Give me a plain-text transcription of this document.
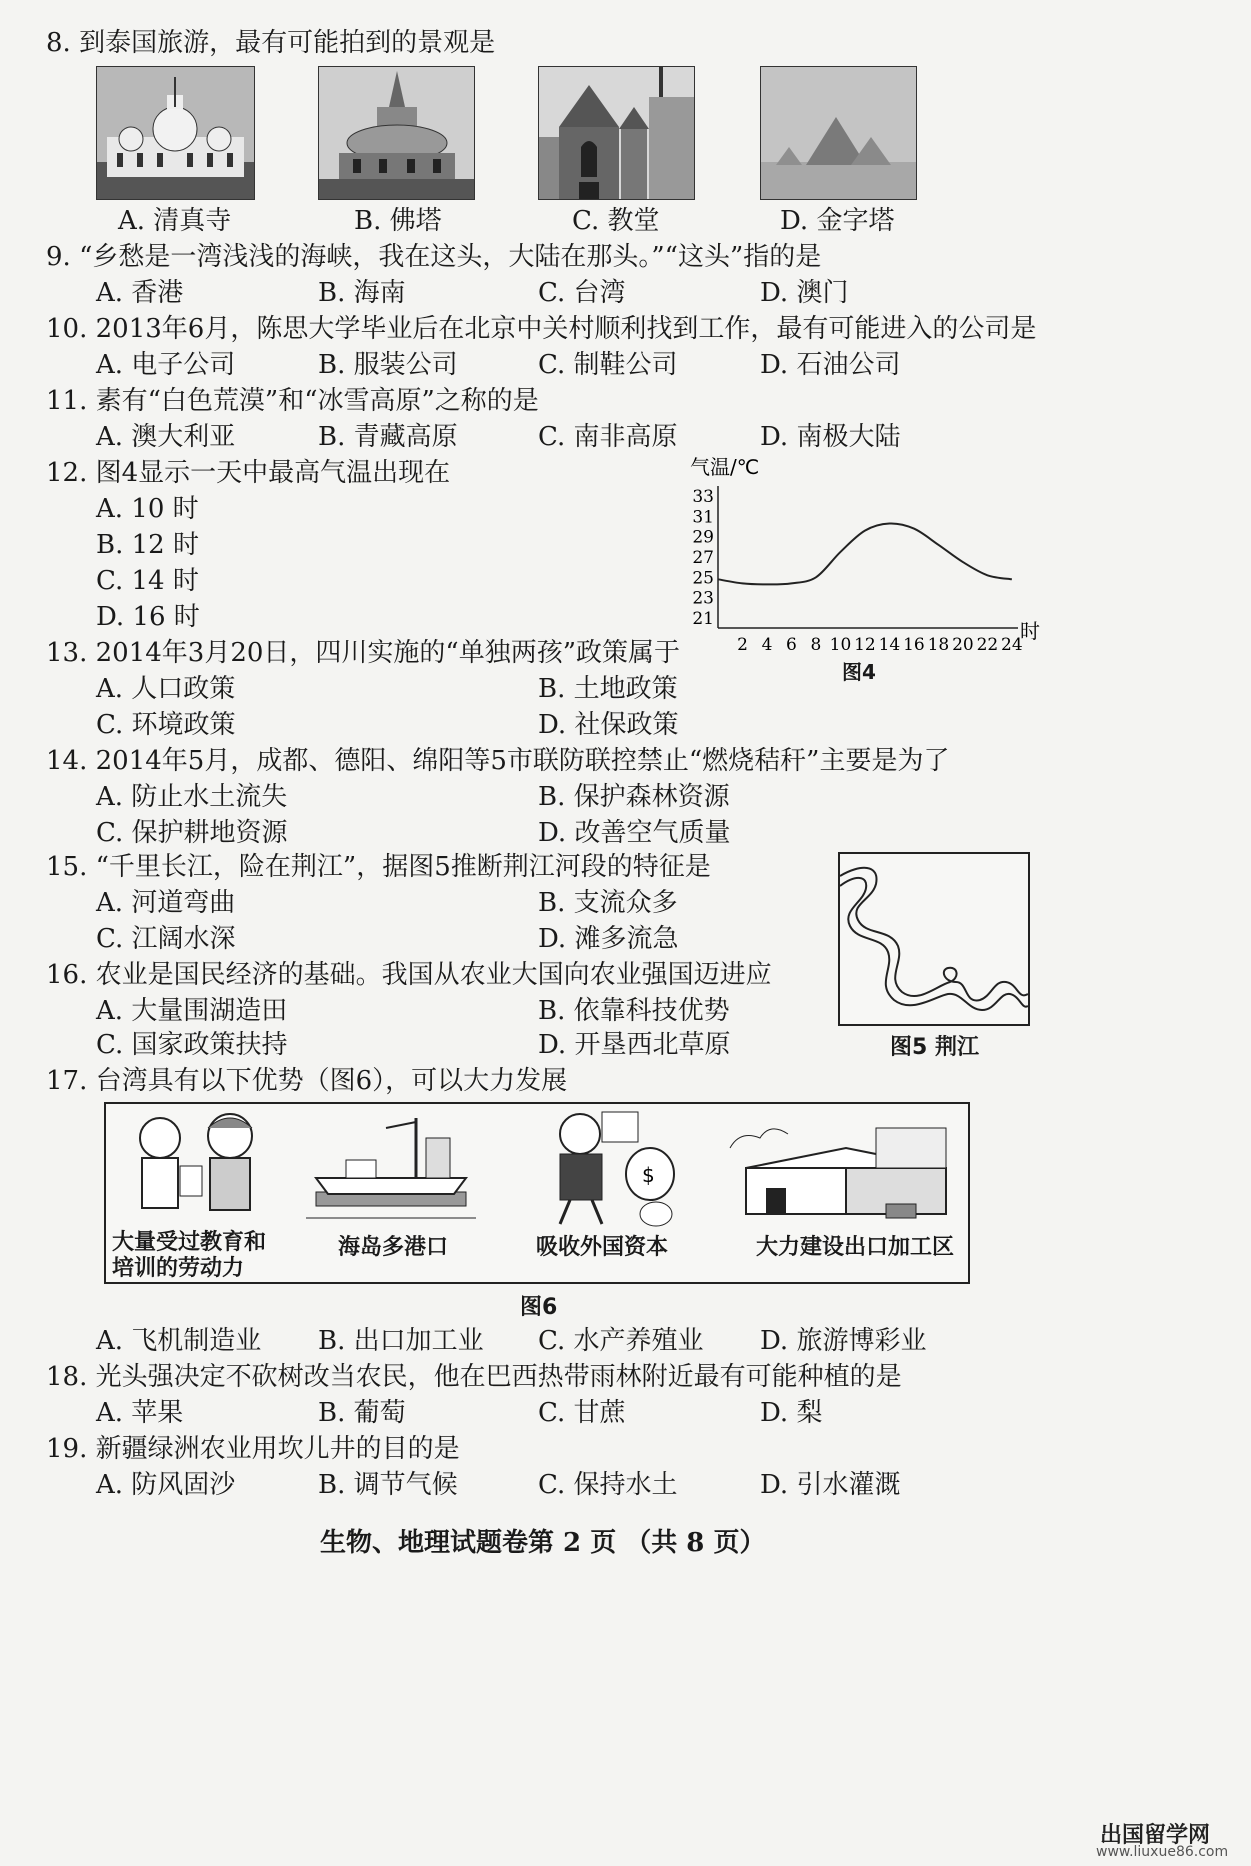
8. 到泰国旅游，最有可能拍到的景观是
A. 清真寺	B. 佛塔	C. 教堂	D. 金字塔
9. “乡愁是一湾浅浅的海峡，我在这头，大陆在那头。”“这头”指的是
A. 香港	B. 海南	C. 台湾	D. 澳门
10. 2013年6月，陈思大学毕业后在北京中关村顺利找到工作，最有可能进入的公司是
A. 电子公司	B. 服装公司	C. 制鞋公司	D. 石油公司
11. 素有“白色荒漠”和“冰雪高原”之称的是
A. 澳大利亚	B. 青藏高原	C. 南非高原	D. 南极大陆
12. 图4显示一天中最高气温出现在
A. 10 时
B. 12 时
C. 14 时
D. 16 时
气温/℃
时
33
31
29
27
25
23
21
2 4 6 8 10 12 14 16 18 20 22 24
图4
13. 2014年3月20日，四川实施的“单独两孩”政策属于
A. 人口政策	B. 土地政策
C. 环境政策	D. 社保政策
14. 2014年5月，成都、德阳、绵阳等5市联防联控禁止“燃烧秸秆”主要是为了
A. 防止水土流失	B. 保护森林资源
C. 保护耕地资源	D. 改善空气质量
15. “千里长江，险在荆江”，据图5推断荆江河段的特征是
A. 河道弯曲	B. 支流众多
C. 江阔水深	D. 滩多流急
图5 荆江
16. 农业是国民经济的基础。我国从农业大国向农业强国迈进应
A. 大量围湖造田	B. 依靠科技优势
C. 国家政策扶持	D. 开垦西北草原
17. 台湾具有以下优势（图6），可以大力发展
大量受过教育和
培训的劳动力
海岛多港口
$
吸收外国资本	大力建设出口加工区
图6
A. 飞机制造业 B. 出口加工业 C. 水产养殖业 D. 旅游博彩业
18. 光头强决定不砍树改当农民，他在巴西热带雨林附近最有可能种植的是
A. 苹果	B. 葡萄	C. 甘蔗	D. 梨
19. 新疆绿洲农业用坎儿井的目的是
A. 防风固沙	B. 调节气候	C. 保持水土	D. 引水灌溉
生物、地理试题卷第 2 页 （共 8 页）
出国留学网
www.liuxue86.com
